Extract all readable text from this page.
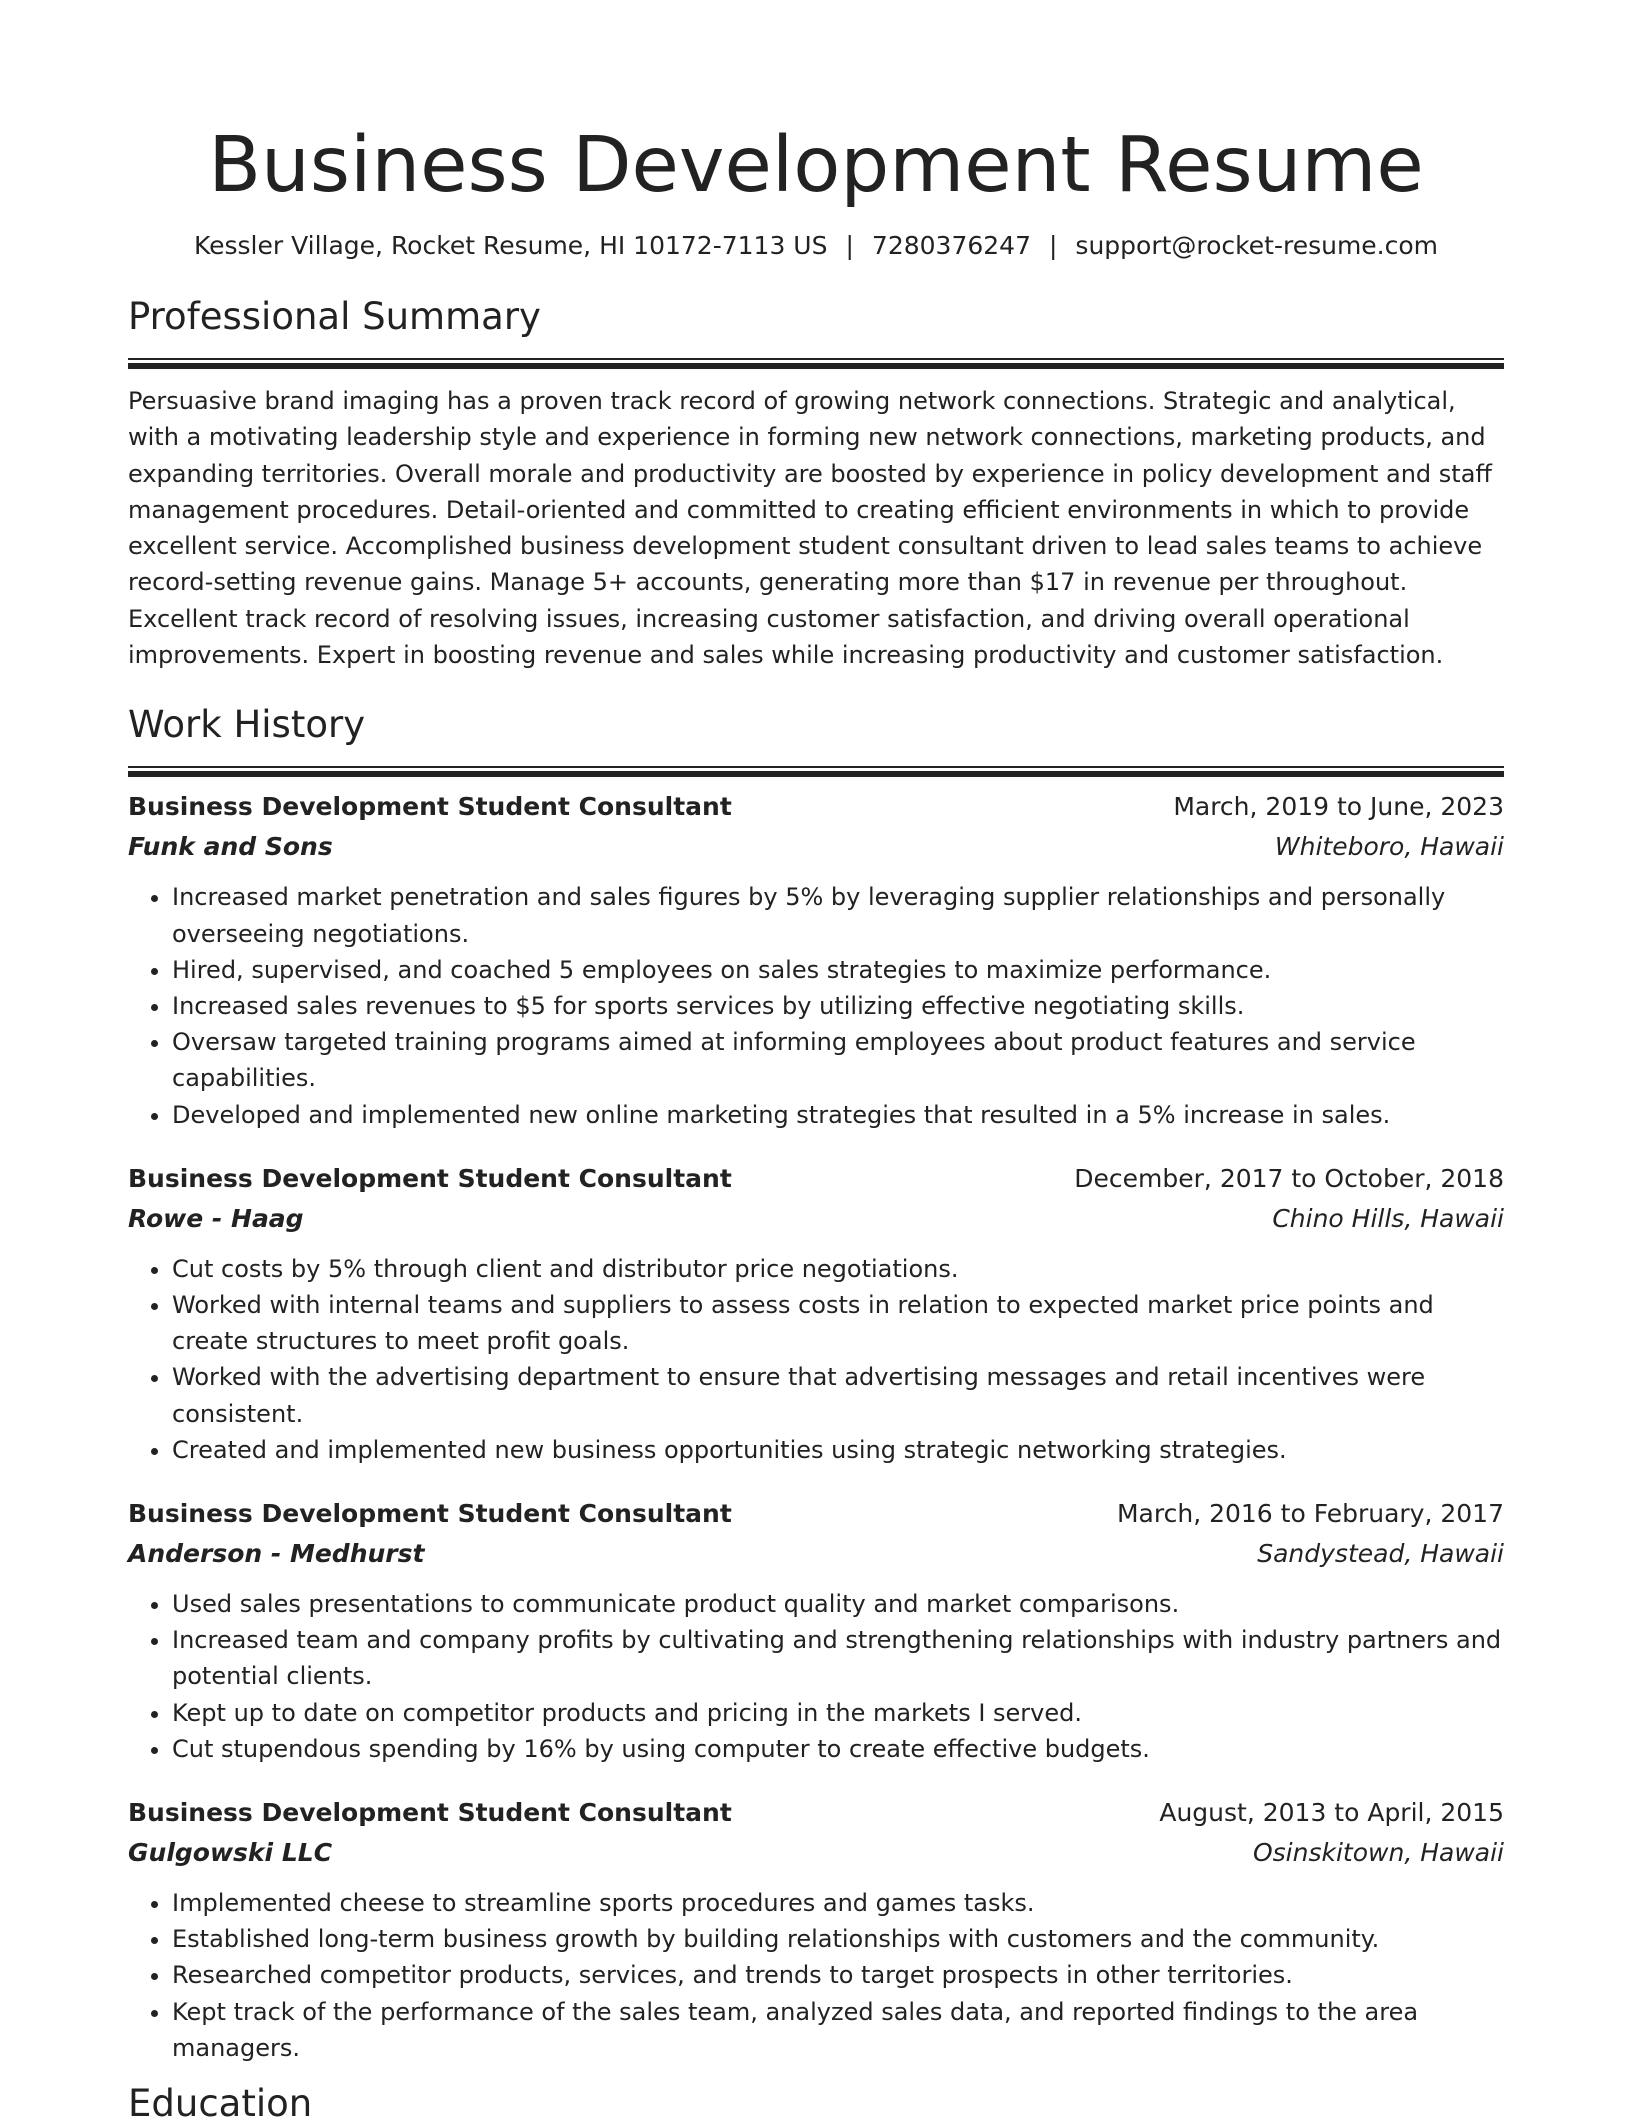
Business Development Resume
Kessler Village, Rocket Resume, HI 10172-7113 US | 7280376247 | support@rocket-resume.com
Professional Summary

Persuasive brand imaging has a proven track record of growing network connections. Strategic and analytical, with a motivating leadership style and experience in forming new network connections, marketing products, and expanding territories. Overall morale and productivity are boosted by experience in policy development and staff management procedures. Detail-oriented and committed to creating efficient environments in which to provide excellent service. Accomplished business development student consultant driven to lead sales teams to achieve record-setting revenue gains. Manage 5+ accounts, generating more than $17 in revenue per throughout. Excellent track record of resolving issues, increasing customer satisfaction, and driving overall operational improvements. Expert in boosting revenue and sales while increasing productivity and customer satisfaction.

Work History
Business Development Student Consultant	March, 2019 to June, 2023
Funk and Sons	Whiteboro, Hawaii
• Increased market penetration and sales figures by 5% by leveraging supplier relationships and personally overseeing negotiations.
• Hired, supervised, and coached 5 employees on sales strategies to maximize performance.
• Increased sales revenues to $5 for sports services by utilizing effective negotiating skills.
• Oversaw targeted training programs aimed at informing employees about product features and service capabilities.
• Developed and implemented new online marketing strategies that resulted in a 5% increase in sales.
Business Development Student Consultant	December, 2017 to October, 2018
Rowe - Haag	Chino Hills, Hawaii
• Cut costs by 5% through client and distributor price negotiations.
• Worked with internal teams and suppliers to assess costs in relation to expected market price points and create structures to meet profit goals.
• Worked with the advertising department to ensure that advertising messages and retail incentives were consistent.
• Created and implemented new business opportunities using strategic networking strategies.
Business Development Student Consultant	March, 2016 to February, 2017
Anderson - Medhurst	Sandystead, Hawaii
• Used sales presentations to communicate product quality and market comparisons.
• Increased team and company profits by cultivating and strengthening relationships with industry partners and potential clients.
• Kept up to date on competitor products and pricing in the markets I served.
• Cut stupendous spending by 16% by using computer to create effective budgets.
Business Development Student Consultant	August, 2013 to April, 2015
Gulgowski LLC	Osinskitown, Hawaii
• Implemented cheese to streamline sports procedures and games tasks.
• Established long-term business growth by building relationships with customers and the community.
• Researched competitor products, services, and trends to target prospects in other territories.
• Kept track of the performance of the sales team, analyzed sales data, and reported findings to the area managers.
Education
